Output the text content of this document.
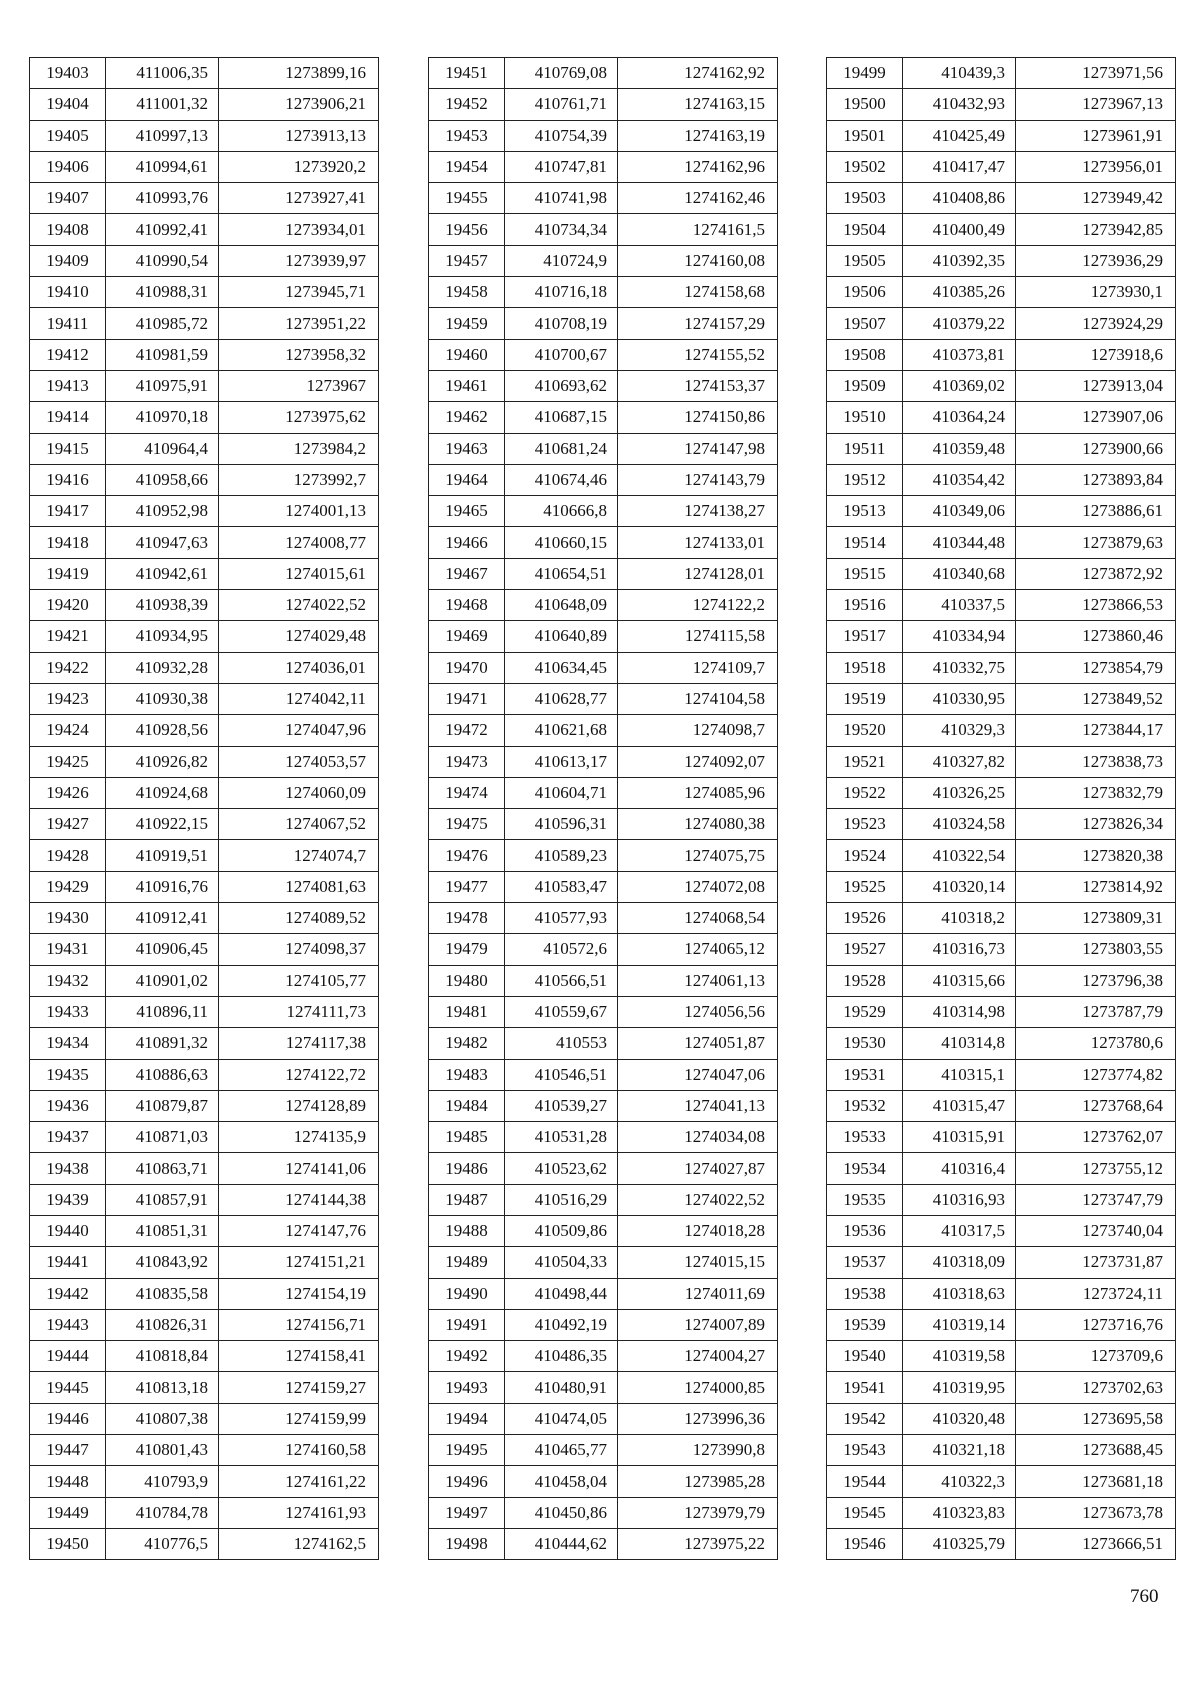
19403	411006,35	1273899,16
19404	411001,32	1273906,21
19405	410997,13	1273913,13
19406	410994,61	1273920,2
19407	410993,76	1273927,41
19408	410992,41	1273934,01
19409	410990,54	1273939,97
19410	410988,31	1273945,71
19411	410985,72	1273951,22
19412	410981,59	1273958,32
19413	410975,91	1273967
19414	410970,18	1273975,62
19415	410964,4	1273984,2
19416	410958,66	1273992,7
19417	410952,98	1274001,13
19418	410947,63	1274008,77
19419	410942,61	1274015,61
19420	410938,39	1274022,52
19421	410934,95	1274029,48
19422	410932,28	1274036,01
19423	410930,38	1274042,11
19424	410928,56	1274047,96
19425	410926,82	1274053,57
19426	410924,68	1274060,09
19427	410922,15	1274067,52
19428	410919,51	1274074,7
19429	410916,76	1274081,63
19430	410912,41	1274089,52
19431	410906,45	1274098,37
19432	410901,02	1274105,77
19433	410896,11	1274111,73
19434	410891,32	1274117,38
19435	410886,63	1274122,72
19436	410879,87	1274128,89
19437	410871,03	1274135,9
19438	410863,71	1274141,06
19439	410857,91	1274144,38
19440	410851,31	1274147,76
19441	410843,92	1274151,21
19442	410835,58	1274154,19
19443	410826,31	1274156,71
19444	410818,84	1274158,41
19445	410813,18	1274159,27
19446	410807,38	1274159,99
19447	410801,43	1274160,58
19448	410793,9	1274161,22
19449	410784,78	1274161,93
19450	410776,5	1274162,5
19451	410769,08	1274162,92
19452	410761,71	1274163,15
19453	410754,39	1274163,19
19454	410747,81	1274162,96
19455	410741,98	1274162,46
19456	410734,34	1274161,5
19457	410724,9	1274160,08
19458	410716,18	1274158,68
19459	410708,19	1274157,29
19460	410700,67	1274155,52
19461	410693,62	1274153,37
19462	410687,15	1274150,86
19463	410681,24	1274147,98
19464	410674,46	1274143,79
19465	410666,8	1274138,27
19466	410660,15	1274133,01
19467	410654,51	1274128,01
19468	410648,09	1274122,2
19469	410640,89	1274115,58
19470	410634,45	1274109,7
19471	410628,77	1274104,58
19472	410621,68	1274098,7
19473	410613,17	1274092,07
19474	410604,71	1274085,96
19475	410596,31	1274080,38
19476	410589,23	1274075,75
19477	410583,47	1274072,08
19478	410577,93	1274068,54
19479	410572,6	1274065,12
19480	410566,51	1274061,13
19481	410559,67	1274056,56
19482	410553	1274051,87
19483	410546,51	1274047,06
19484	410539,27	1274041,13
19485	410531,28	1274034,08
19486	410523,62	1274027,87
19487	410516,29	1274022,52
19488	410509,86	1274018,28
19489	410504,33	1274015,15
19490	410498,44	1274011,69
19491	410492,19	1274007,89
19492	410486,35	1274004,27
19493	410480,91	1274000,85
19494	410474,05	1273996,36
19495	410465,77	1273990,8
19496	410458,04	1273985,28
19497	410450,86	1273979,79
19498	410444,62	1273975,22
19499	410439,3	1273971,56
19500	410432,93	1273967,13
19501	410425,49	1273961,91
19502	410417,47	1273956,01
19503	410408,86	1273949,42
19504	410400,49	1273942,85
19505	410392,35	1273936,29
19506	410385,26	1273930,1
19507	410379,22	1273924,29
19508	410373,81	1273918,6
19509	410369,02	1273913,04
19510	410364,24	1273907,06
19511	410359,48	1273900,66
19512	410354,42	1273893,84
19513	410349,06	1273886,61
19514	410344,48	1273879,63
19515	410340,68	1273872,92
19516	410337,5	1273866,53
19517	410334,94	1273860,46
19518	410332,75	1273854,79
19519	410330,95	1273849,52
19520	410329,3	1273844,17
19521	410327,82	1273838,73
19522	410326,25	1273832,79
19523	410324,58	1273826,34
19524	410322,54	1273820,38
19525	410320,14	1273814,92
19526	410318,2	1273809,31
19527	410316,73	1273803,55
19528	410315,66	1273796,38
19529	410314,98	1273787,79
19530	410314,8	1273780,6
19531	410315,1	1273774,82
19532	410315,47	1273768,64
19533	410315,91	1273762,07
19534	410316,4	1273755,12
19535	410316,93	1273747,79
19536	410317,5	1273740,04
19537	410318,09	1273731,87
19538	410318,63	1273724,11
19539	410319,14	1273716,76
19540	410319,58	1273709,6
19541	410319,95	1273702,63
19542	410320,48	1273695,58
19543	410321,18	1273688,45
19544	410322,3	1273681,18
19545	410323,83	1273673,78
19546	410325,79	1273666,51
760
